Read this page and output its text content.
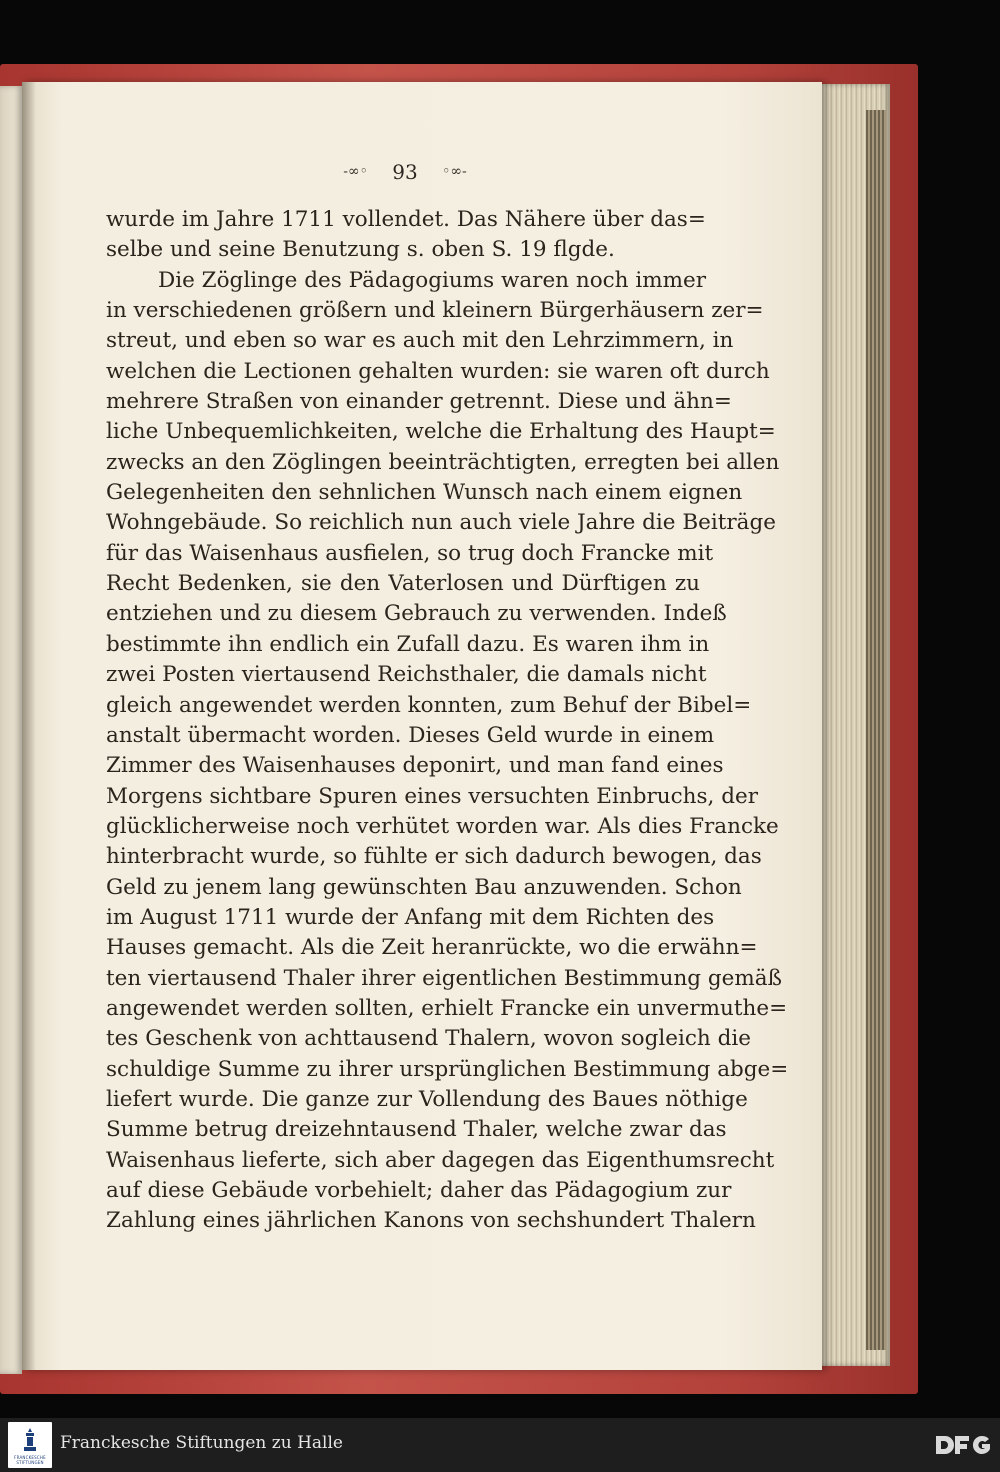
-∞◦ 93 ◦∞-
wurde im Jahre 1711 vollendet. Das Nähere über das=
selbe und seine Benutzung s. oben S. 19 flgde.
Die Zöglinge des Pädagogiums waren noch immer
in verschiedenen größern und kleinern Bürgerhäusern zer=
streut, und eben so war es auch mit den Lehrzimmern, in
welchen die Lectionen gehalten wurden: sie waren oft durch
mehrere Straßen von einander getrennt. Diese und ähn=
liche Unbequemlichkeiten, welche die Erhaltung des Haupt=
zwecks an den Zöglingen beeinträchtigten, erregten bei allen
Gelegenheiten den sehnlichen Wunsch nach einem eignen
Wohngebäude. So reichlich nun auch viele Jahre die Beiträge
für das Waisenhaus ausfielen, so trug doch Francke mit
Recht Bedenken, sie den Vaterlosen und Dürftigen zu
entziehen und zu diesem Gebrauch zu verwenden. Indeß
bestimmte ihn endlich ein Zufall dazu. Es waren ihm in
zwei Posten viertausend Reichsthaler, die damals nicht
gleich angewendet werden konnten, zum Behuf der Bibel=
anstalt übermacht worden. Dieses Geld wurde in einem
Zimmer des Waisenhauses deponirt, und man fand eines
Morgens sichtbare Spuren eines versuchten Einbruchs, der
glücklicherweise noch verhütet worden war. Als dies Francke
hinterbracht wurde, so fühlte er sich dadurch bewogen, das
Geld zu jenem lang gewünschten Bau anzuwenden. Schon
im August 1711 wurde der Anfang mit dem Richten des
Hauses gemacht. Als die Zeit heranrückte, wo die erwähn=
ten viertausend Thaler ihrer eigentlichen Bestimmung gemäß
angewendet werden sollten, erhielt Francke ein unvermuthe=
tes Geschenk von achttausend Thalern, wovon sogleich die
schuldige Summe zu ihrer ursprünglichen Bestimmung abge=
liefert wurde. Die ganze zur Vollendung des Baues nöthige
Summe betrug dreizehntausend Thaler, welche zwar das
Waisenhaus lieferte, sich aber dagegen das Eigenthumsrecht
auf diese Gebäude vorbehielt; daher das Pädagogium zur
Zahlung eines jährlichen Kanons von sechshundert Thalern
FRANCKESCHE
STIFTUNGEN
Franckesche Stiftungen zu Halle
